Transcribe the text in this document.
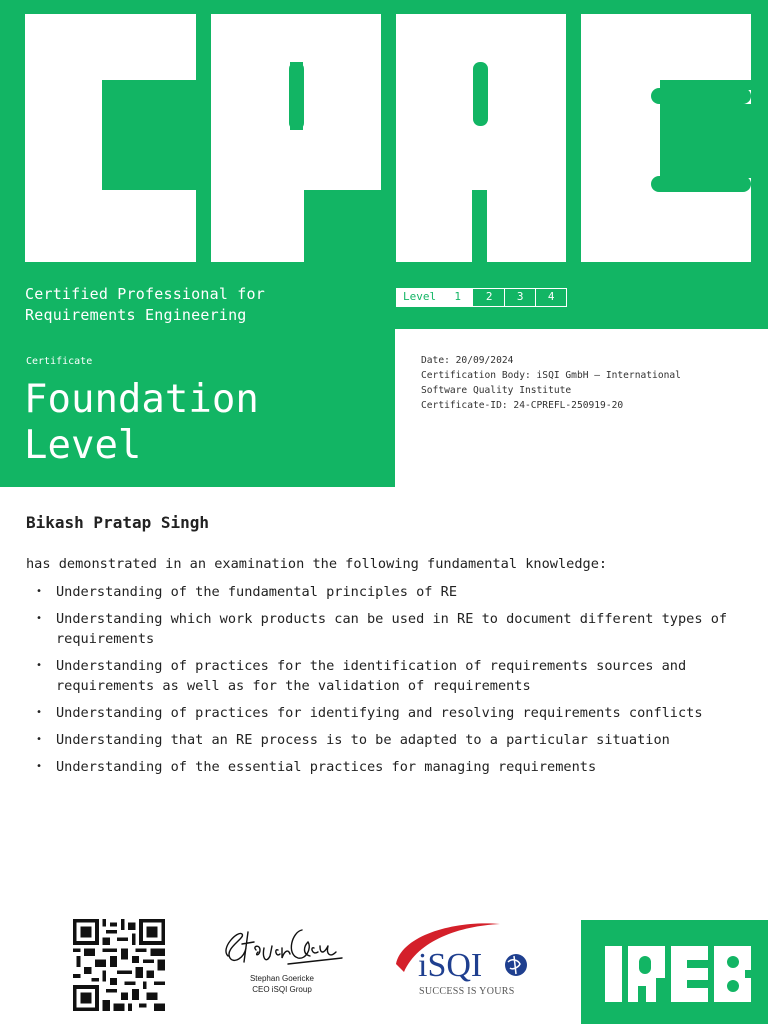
Certified Professional for
Requirements Engineering
Level	1	2	3	4
Certificate
Foundation
Level
Date: 20/09/2024
Certification Body: iSQI GmbH – International
Software Quality Institute
Certificate-ID: 24-CPREFL-250919-20
Bikash Pratap Singh
has demonstrated in an examination the following fundamental knowledge:
• Understanding of the fundamental principles of RE
• Understanding which work products can be used in RE to document different types of requirements
• Understanding of practices for the identification of requirements sources and requirements as well as for the validation of requirements
• Understanding of practices for identifying and resolving requirements conflicts
• Understanding that an RE process is to be adapted to a particular situation
• Understanding of the essential practices for managing requirements
Stephan Goericke
CEO iSQI Group
iSQI
SUCCESS IS YOURS
